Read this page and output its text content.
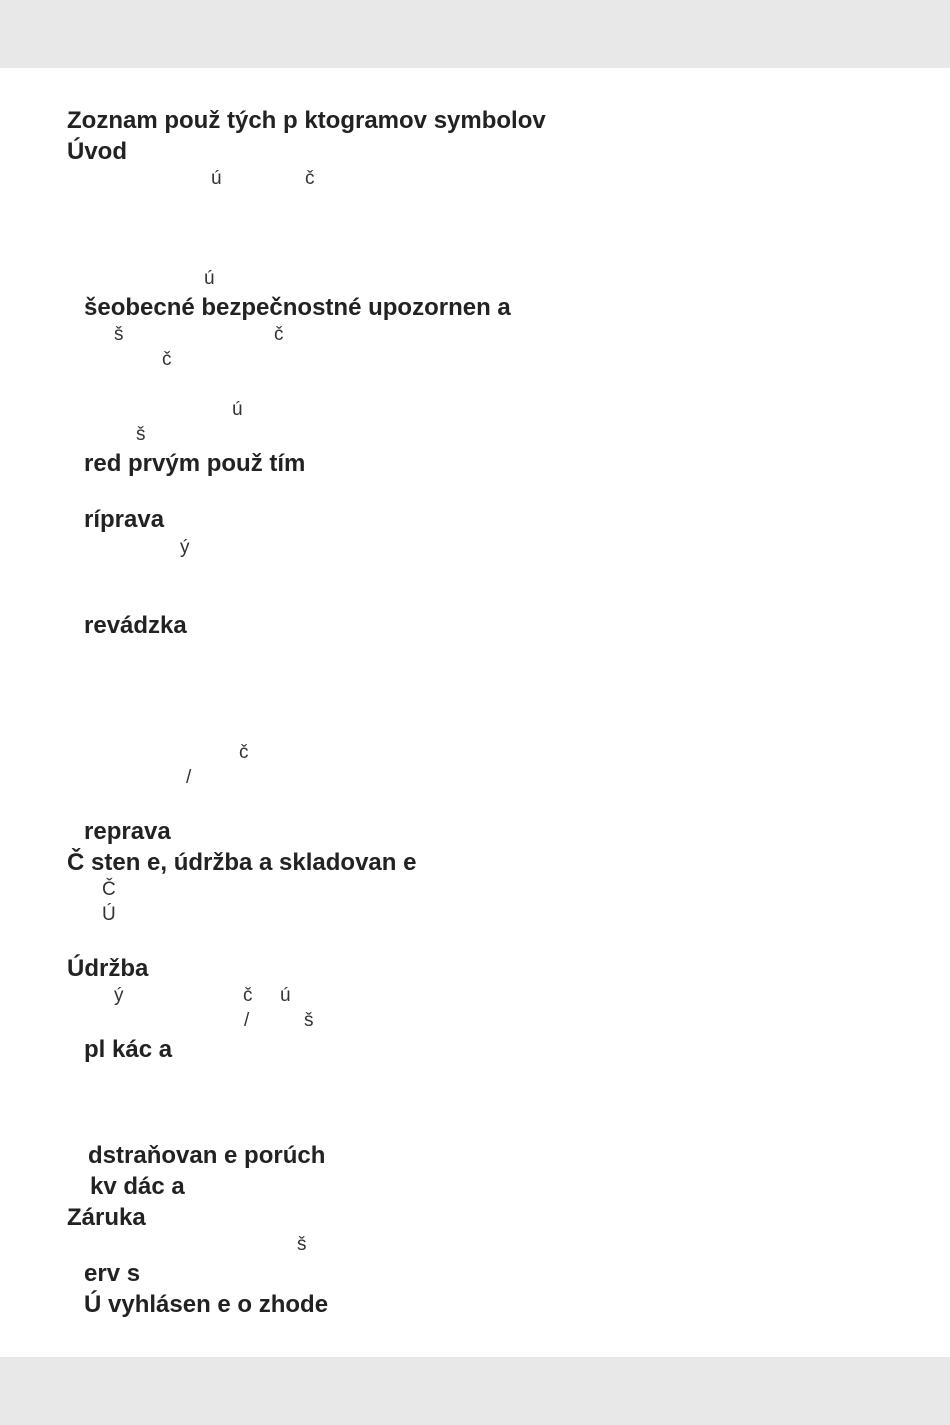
Zoznam použ tých p ktogramov symbolov
Úvod
šeobecné bezpečnostné upozornen a
red prvým použ tím
ríprava
revádzka
reprava
Č sten e, údržba a skladovan e
Údržba
pl kác a
dstraňovan e porúch
kv dác a
Záruka
erv s
Ú vyhlásen e o zhode
ú	č
ú
š	č
č
ú
š
ý
č
/
Č
Ú
ý	č ú
/	š
š
